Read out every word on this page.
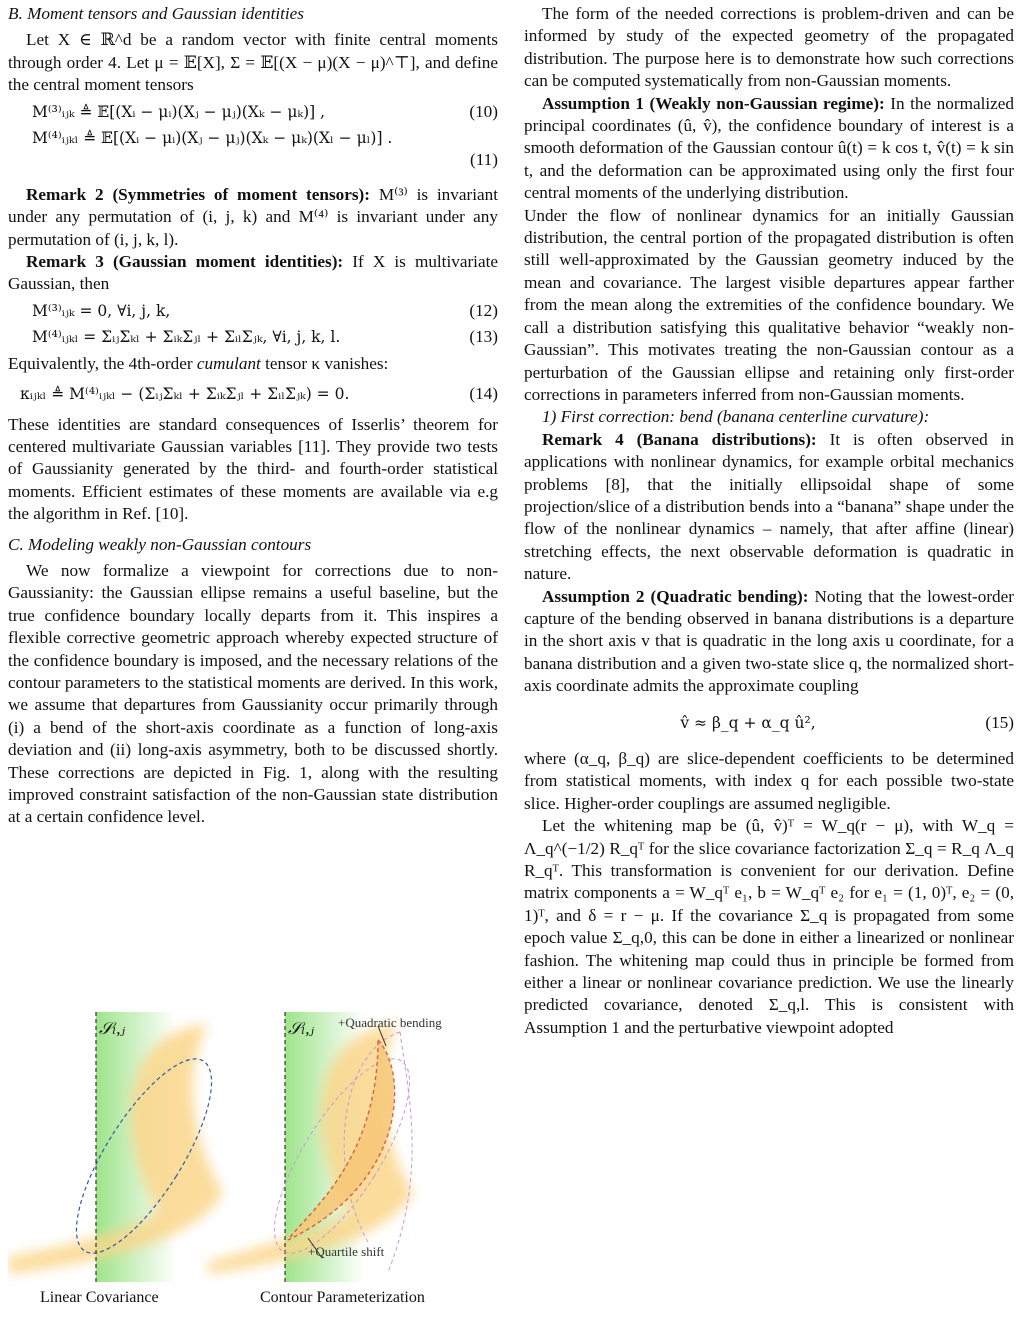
B. Moment tensors and Gaussian identities

Let X ∈ ℝ^d be a random vector with finite central moments through order 4. Let μ = 𝔼[X], Σ = 𝔼[(X − μ)(X − μ)^⊤], and define the central moment tensors

M⁽³⁾ᵢⱼₖ ≜ 𝔼[(Xᵢ − μᵢ)(Xⱼ − μⱼ)(Xₖ − μₖ)] ,	(10)
M⁽⁴⁾ᵢⱼₖₗ ≜ 𝔼[(Xᵢ − μᵢ)(Xⱼ − μⱼ)(Xₖ − μₖ)(Xₗ − μₗ)] .
(11)

Remark 2 (Symmetries of moment tensors): M⁽³⁾ is invariant under any permutation of (i, j, k) and M⁽⁴⁾ is invariant under any permutation of (i, j, k, l).

Remark 3 (Gaussian moment identities): If X is multivariate Gaussian, then

M⁽³⁾ᵢⱼₖ = 0, ∀i, j, k,	(12)
M⁽⁴⁾ᵢⱼₖₗ = ΣᵢⱼΣₖₗ + ΣᵢₖΣⱼₗ + ΣᵢₗΣⱼₖ, ∀i, j, k, l.	(13)

Equivalently, the 4th-order cumulant tensor κ vanishes:

κᵢⱼₖₗ ≜ M⁽⁴⁾ᵢⱼₖₗ − (ΣᵢⱼΣₖₗ + ΣᵢₖΣⱼₗ + ΣᵢₗΣⱼₖ) = 0.	(14)

These identities are standard consequences of Isserlis’ theorem for centered multivariate Gaussian variables [11]. They provide two tests of Gaussianity generated by the third- and fourth-order statistical moments. Efficient estimates of these moments are available via e.g the algorithm in Ref. [10].

C. Modeling weakly non-Gaussian contours

We now formalize a viewpoint for corrections due to non-Gaussianity: the Gaussian ellipse remains a useful baseline, but the true confidence boundary locally departs from it. This inspires a flexible corrective geometric approach whereby expected structure of the confidence boundary is imposed, and the necessary relations of the contour parameters to the statistical moments are derived. In this work, we assume that departures from Gaussianity occur primarily through (i) a bend of the short-axis coordinate as a function of long-axis deviation and (ii) long-axis asymmetry, both to be discussed shortly. These corrections are depicted in Fig. 1, along with the resulting improved constraint satisfaction of the non-Gaussian state distribution at a certain confidence level.

𝒮ₗ,ⱼ	𝒮ₗ,ⱼ +Quadratic bending
+Quartile shift
Linear Covariance	Contour Parameterization

The form of the needed corrections is problem-driven and can be informed by study of the expected geometry of the propagated distribution. The purpose here is to demonstrate how such corrections can be computed systematically from non-Gaussian moments.

Assumption 1 (Weakly non-Gaussian regime): In the normalized principal coordinates (û, v̂), the confidence boundary of interest is a smooth deformation of the Gaussian contour û(t) = k cos t, v̂(t) = k sin t, and the deformation can be approximated using only the first four central moments of the underlying distribution.

Under the flow of nonlinear dynamics for an initially Gaussian distribution, the central portion of the propagated distribution is often still well-approximated by the Gaussian geometry induced by the mean and covariance. The largest visible departures appear farther from the mean along the extremities of the confidence boundary. We call a distribution satisfying this qualitative behavior “weakly non-Gaussian”. This motivates treating the non-Gaussian contour as a perturbation of the Gaussian ellipse and retaining only first-order corrections in parameters inferred from non-Gaussian moments.

1) First correction: bend (banana centerline curvature):

Remark 4 (Banana distributions): It is often observed in applications with nonlinear dynamics, for example orbital mechanics problems [8], that the initially ellipsoidal shape of some projection/slice of a distribution bends into a “banana” shape under the flow of the nonlinear dynamics – namely, that after affine (linear) stretching effects, the next observable deformation is quadratic in nature.

Assumption 2 (Quadratic bending): Noting that the lowest-order capture of the bending observed in banana distributions is a departure in the short axis v that is quadratic in the long axis u coordinate, for a banana distribution and a given two-state slice q, the normalized short-axis coordinate admits the approximate coupling

v̂ ≈ β_q + α_q û²,	(15)

where (α_q, β_q) are slice-dependent coefficients to be determined from statistical moments, with index q for each possible two-state slice. Higher-order couplings are assumed negligible.

Let the whitening map be (û, v̂)ᵀ = W_q(r − μ), with W_q = Λ_q^(−1/2) R_qᵀ for the slice covariance factorization Σ_q = R_q Λ_q R_qᵀ. This transformation is convenient for our derivation. Define matrix components a = W_qᵀ e₁, b = W_qᵀ e₂ for e₁ = (1, 0)ᵀ, e₂ = (0, 1)ᵀ, and δ = r − μ. If the covariance Σ_q is propagated from some epoch value Σ_q,0, this can be done in either a linearized or nonlinear fashion. The whitening map could thus in principle be formed from either a linear or nonlinear covariance prediction. We use the linearly predicted covariance, denoted Σ_q,l. This is consistent with Assumption 1 and the perturbative viewpoint adopted
